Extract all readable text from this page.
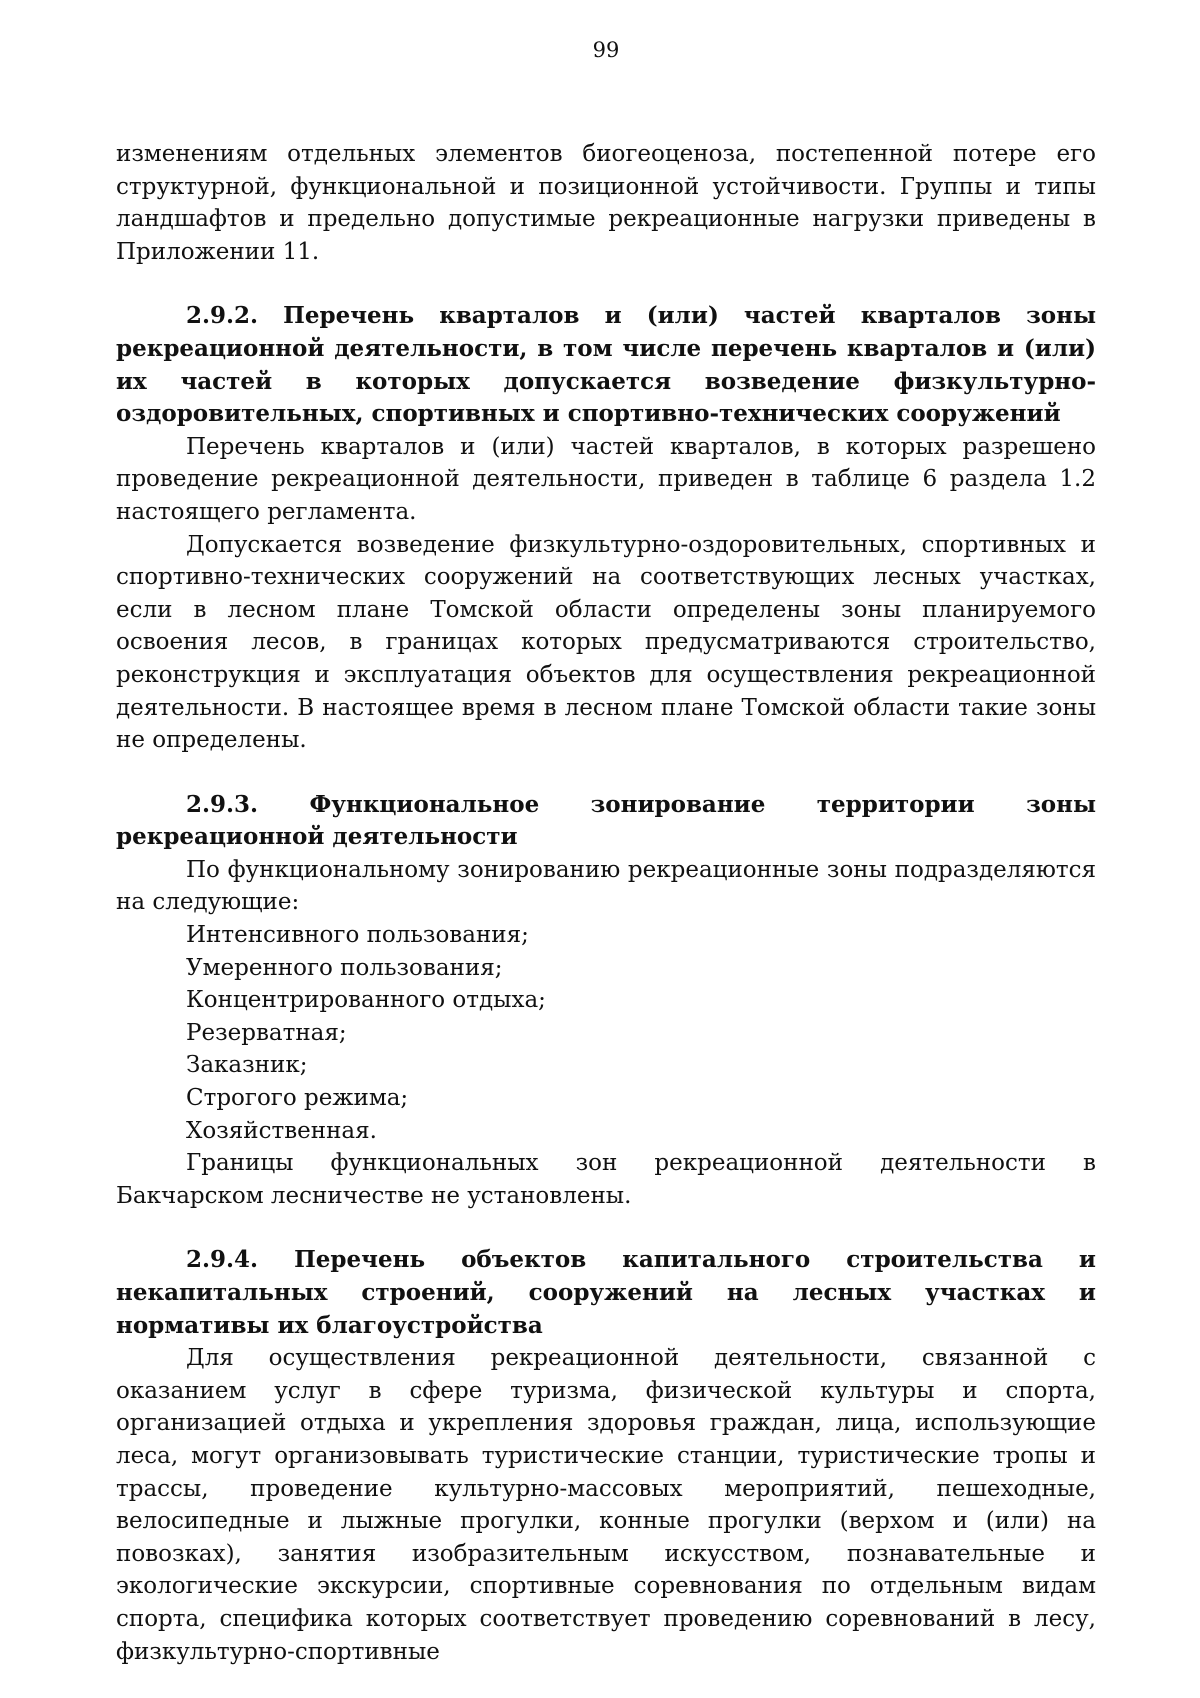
99

изменениям отдельных элементов биогеоценоза, постепенной потере его структурной, функциональной и позиционной устойчивости. Группы и типы ландшафтов и предельно допустимые рекреационные нагрузки приведены в Приложении 11.

2.9.2. Перечень кварталов и (или) частей кварталов зоны рекреационной деятельности, в том числе перечень кварталов и (или) их частей в которых допускается возведение физкультурно-оздоровительных, спортивных и спортивно-технических сооружений

Перечень кварталов и (или) частей кварталов, в которых разрешено проведение рекреационной деятельности, приведен в таблице 6 раздела 1.2 настоящего регламента.

Допускается возведение физкультурно-оздоровительных, спортивных и спортивно-технических сооружений на соответствующих лесных участках, если в лесном плане Томской области определены зоны планируемого освоения лесов, в границах которых предусматриваются строительство, реконструкция и эксплуатация объектов для осуществления рекреационной деятельности. В настоящее время в лесном плане Томской области такие зоны не определены.

2.9.3. Функциональное зонирование территории зоны рекреационной деятельности

По функциональному зонированию рекреационные зоны подразделяются на следующие:

Интенсивного пользования;
Умеренного пользования;
Концентрированного отдыха;
Резерватная;
Заказник;
Строгого режима;
Хозяйственная.

Границы функциональных зон рекреационной деятельности в Бакчарском лесничестве не установлены.

2.9.4. Перечень объектов капитального строительства и некапитальных строений, сооружений на лесных участках и нормативы их благоустройства

Для осуществления рекреационной деятельности, связанной с оказанием услуг в сфере туризма, физической культуры и спорта, организацией отдыха и укрепления здоровья граждан, лица, использующие леса, могут организовывать туристические станции, туристические тропы и трассы, проведение культурно-массовых мероприятий, пешеходные, велосипедные и лыжные прогулки, конные прогулки (верхом и (или) на повозках), занятия изобразительным искусством, познавательные и экологические экскурсии, спортивные соревнования по отдельным видам спорта, специфика которых соответствует проведению соревнований в лесу, физкультурно-спортивные
